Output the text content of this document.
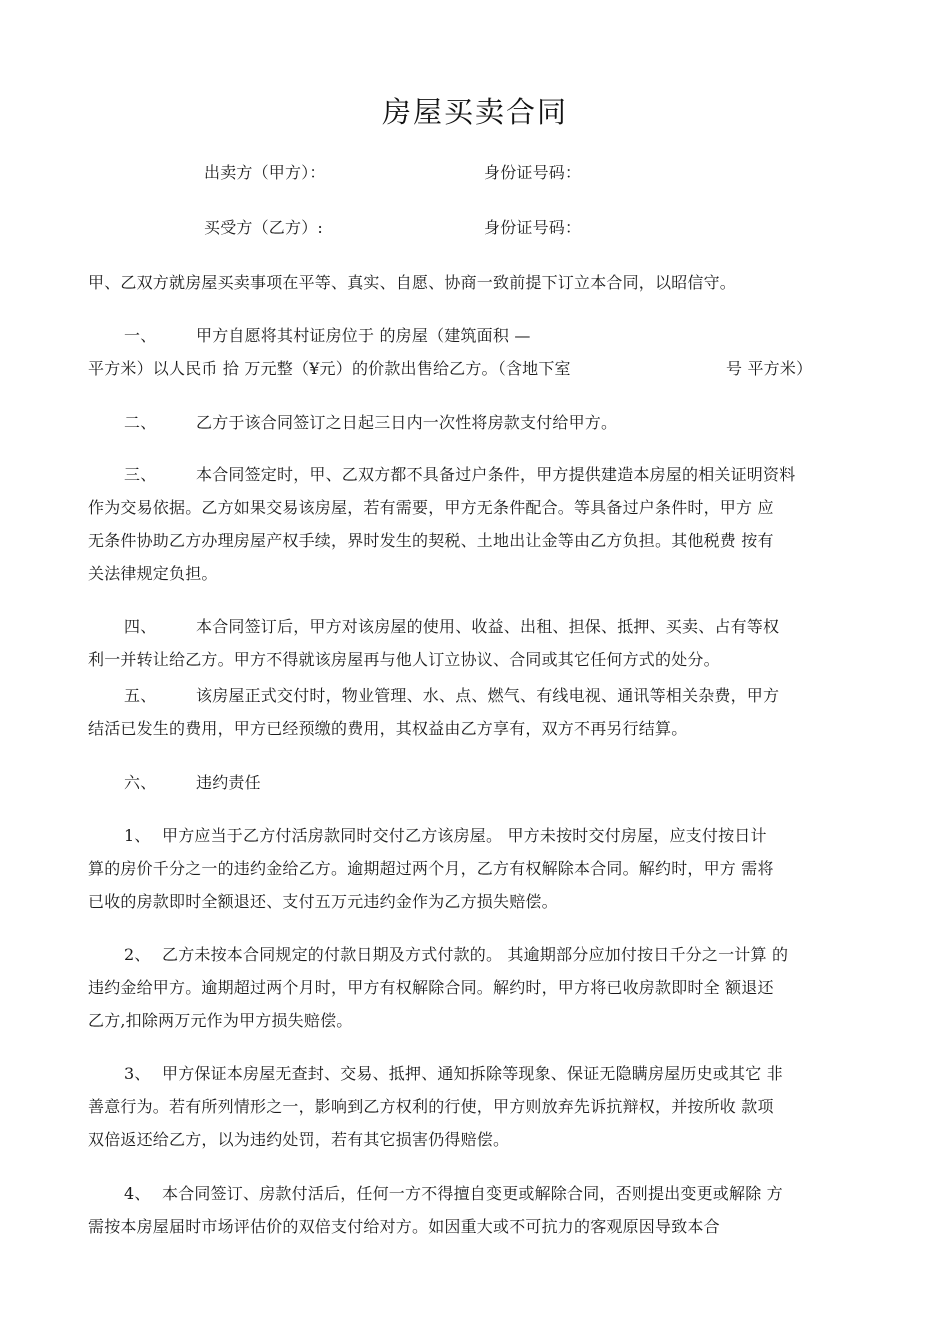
房屋买卖合同
出卖方（甲方）：	身份证号码：
买受方（乙方）:	身份证号码：
甲、乙双方就房屋买卖事项在平等、真实、自愿、协商一致前提下订立本合同，以昭信守。
一、 甲方自愿将其村证房位于 的房屋（建筑面积 —
平方米）以人民币 拾 万元整（¥元）的价款出售给乙方。（含地下室	号 平方米）
二、 乙方于该合同签订之日起三日内一次性将房款支付给甲方。
三、 本合同签定时，甲、乙双方都不具备过户条件，甲方提供建造本房屋的相关证明资料
作为交易依据。乙方如果交易该房屋，若有需要，甲方无条件配合。等具备过户条件时，甲方 应
无条件协助乙方办理房屋产权手续，界时发生的契税、土地出让金等由乙方负担。其他税费 按有
关法律规定负担。
四、 本合同签订后，甲方对该房屋的使用、收益、出租、担保、抵押、买卖、占有等权
利一并转让给乙方。甲方不得就该房屋再与他人订立协议、合同或其它任何方式的处分。
五、 该房屋正式交付时，物业管理、水、点、燃气、有线电视、通讯等相关杂费，甲方
结活已发生的费用，甲方已经预缴的费用，其权益由乙方享有，双方不再另行结算。
六、 违约责任
1、 甲方应当于乙方付活房款同时交付乙方该房屋。 甲方未按时交付房屋，应支付按日计
算的房价千分之一的违约金给乙方。逾期超过两个月，乙方有权解除本合同。解约时，甲方 需将
已收的房款即时全额退还、支付五万元违约金作为乙方损失赔偿。
2、 乙方未按本合同规定的付款日期及方式付款的。 其逾期部分应加付按日千分之一计算 的
违约金给甲方。逾期超过两个月时，甲方有权解除合同。解约时，甲方将已收房款即时全 额退还
乙方,扣除两万元作为甲方损失赔偿。
3、 甲方保证本房屋无查封、交易、抵押、通知拆除等现象、保证无隐瞒房屋历史或其它 非
善意行为。若有所列情形之一，影响到乙方权利的行使，甲方则放弃先诉抗辩权，并按所收 款项
双倍返还给乙方，以为违约处罚，若有其它损害仍得赔偿。
4、 本合同签订、房款付活后，任何一方不得擅自变更或解除合同，否则提出变更或解除 方
需按本房屋届时市场评估价的双倍支付给对方。如因重大或不可抗力的客观原因导致本合
